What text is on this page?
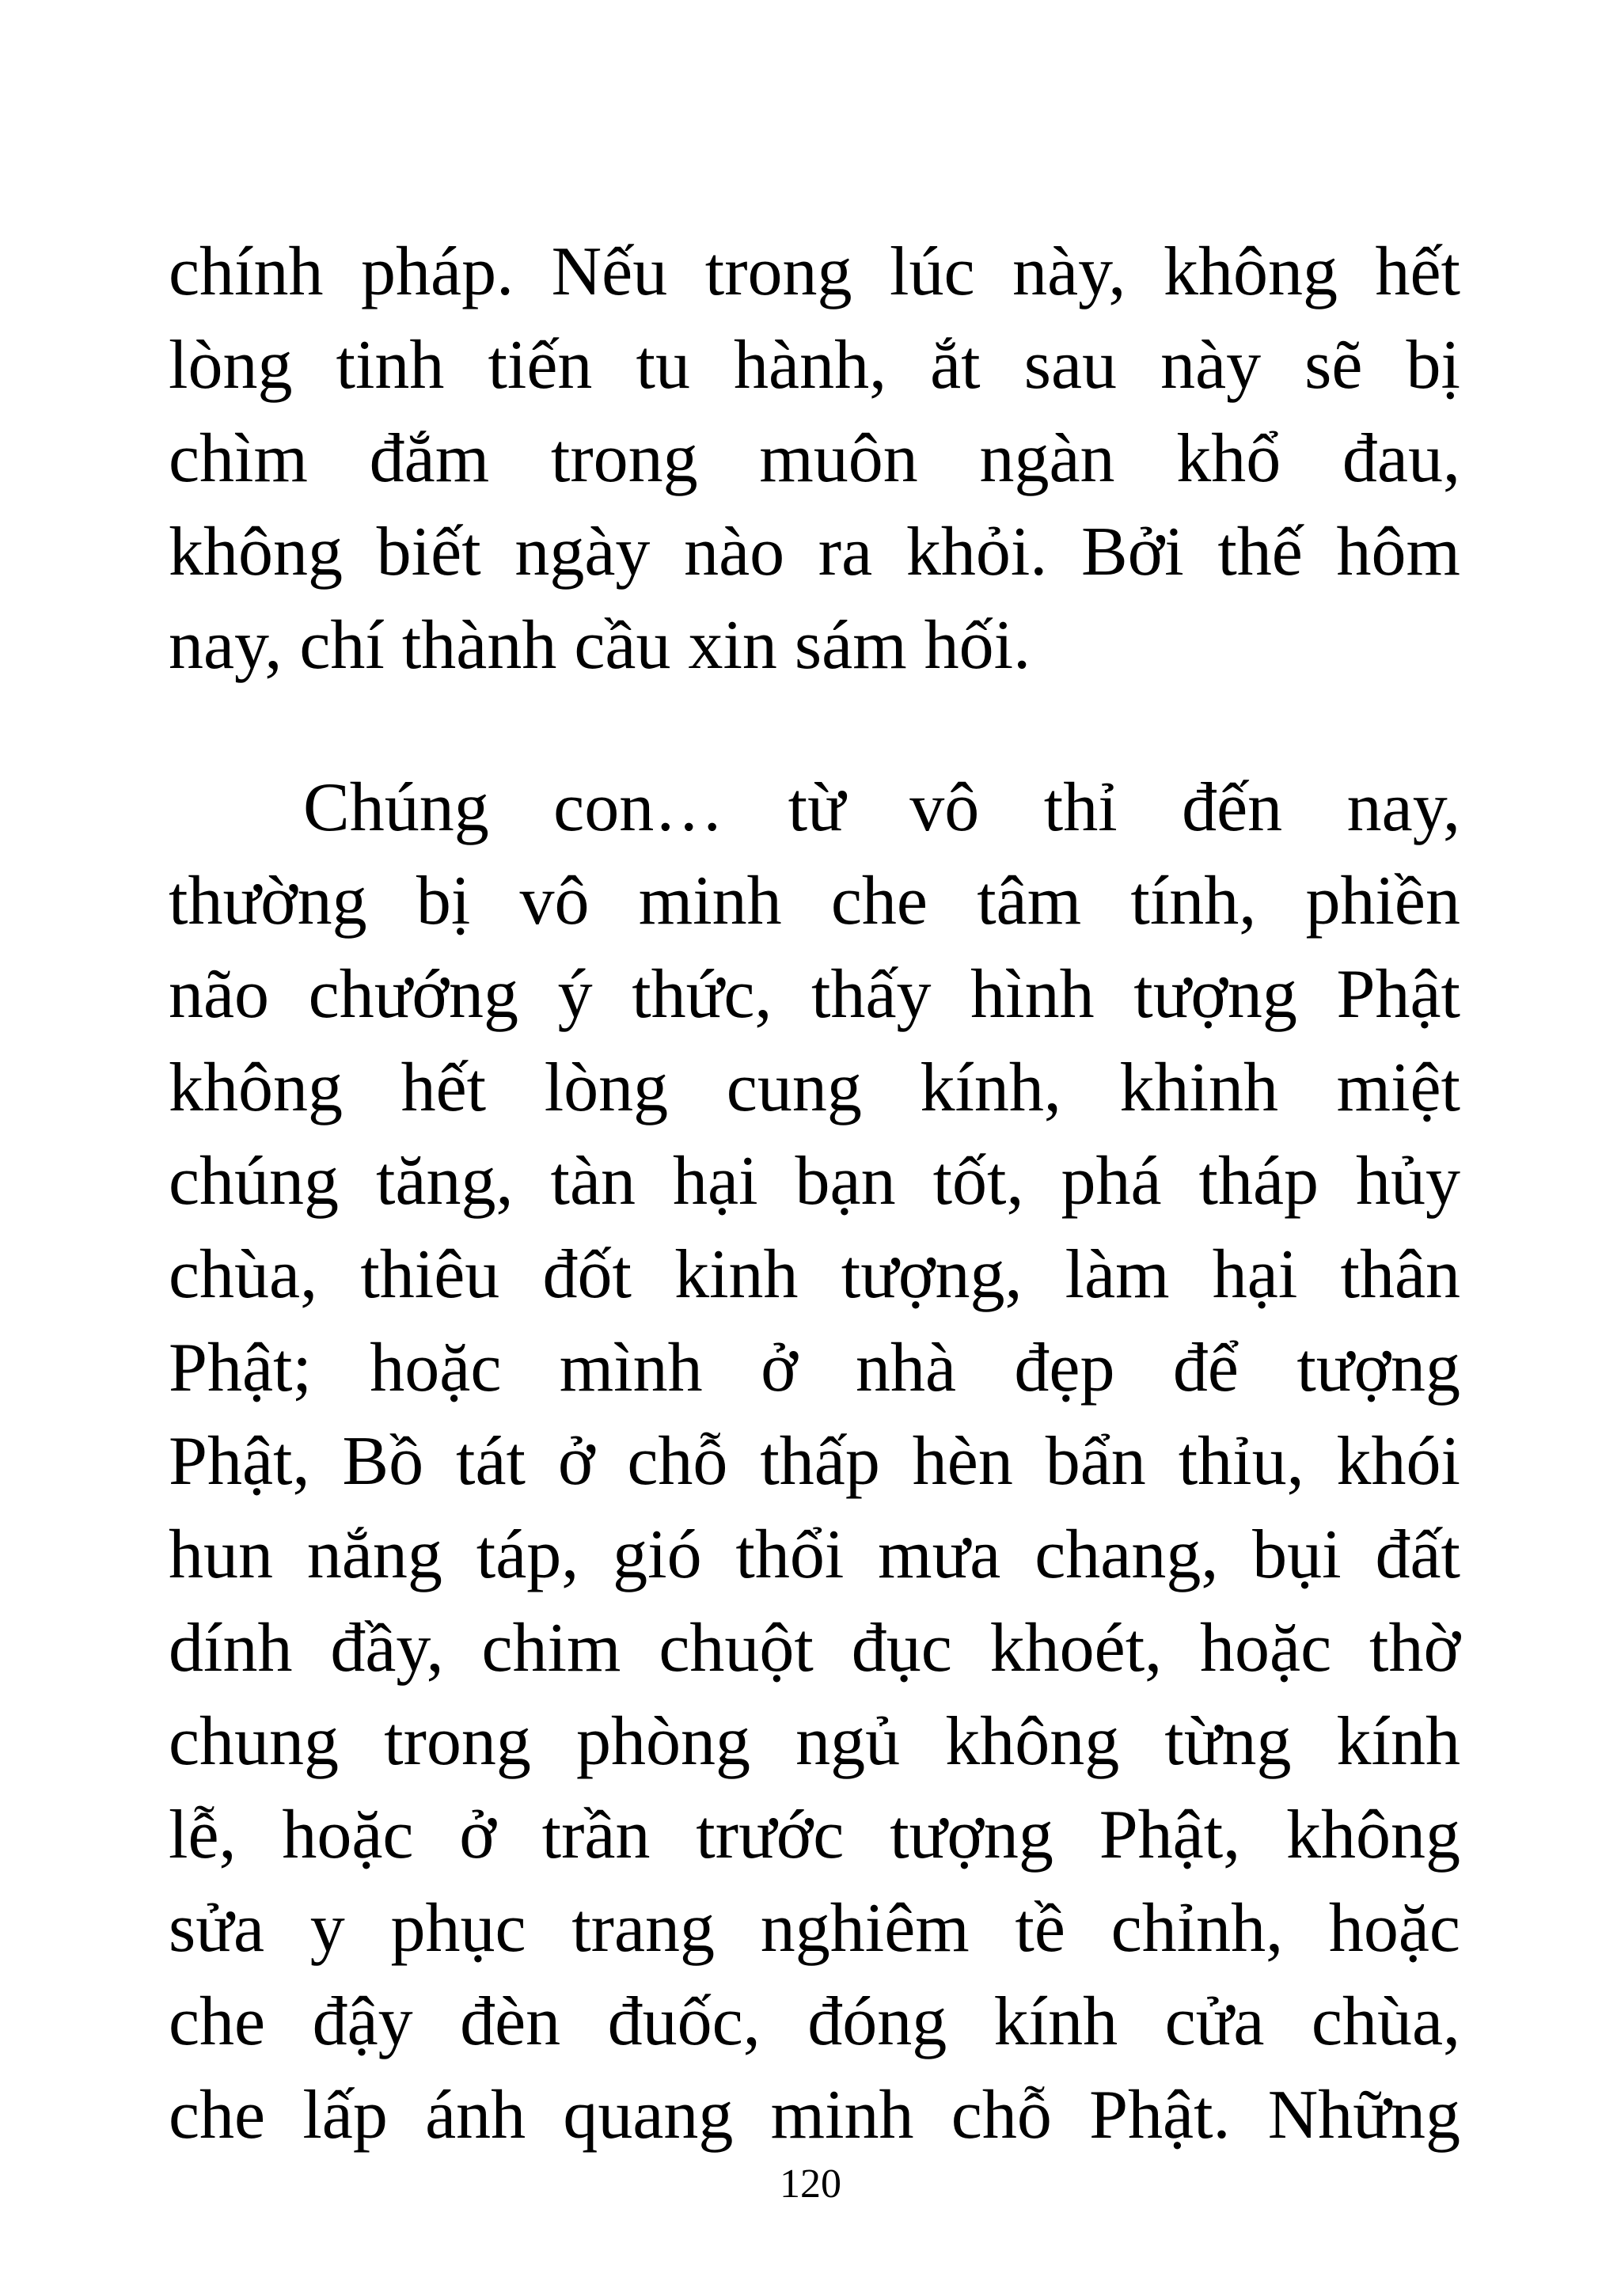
chính pháp. Nếu trong lúc này, không hết
lòng tinh tiến tu hành, ắt sau này sẽ bị
chìm đắm trong muôn ngàn khổ đau,
không biết ngày nào ra khỏi. Bởi thế hôm
nay, chí thành cầu xin sám hối.
Chúng con… từ vô thỉ đến nay,
thường bị vô minh che tâm tính, phiền
não chướng ý thức, thấy hình tượng Phật
không hết lòng cung kính, khinh miệt
chúng tăng, tàn hại bạn tốt, phá tháp hủy
chùa, thiêu đốt kinh tượng, làm hại thân
Phật; hoặc mình ở nhà đẹp để tượng
Phật, Bồ tát ở chỗ thấp hèn bẩn thỉu, khói
hun nắng táp, gió thổi mưa chang, bụi đất
dính đầy, chim chuột đục khoét, hoặc thờ
chung trong phòng ngủ không từng kính
lễ, hoặc ở trần trước tượng Phật, không
sửa y phục trang nghiêm tề chỉnh, hoặc
che đậy đèn đuốc, đóng kính cửa chùa,
che lấp ánh quang minh chỗ Phật. Những
120
